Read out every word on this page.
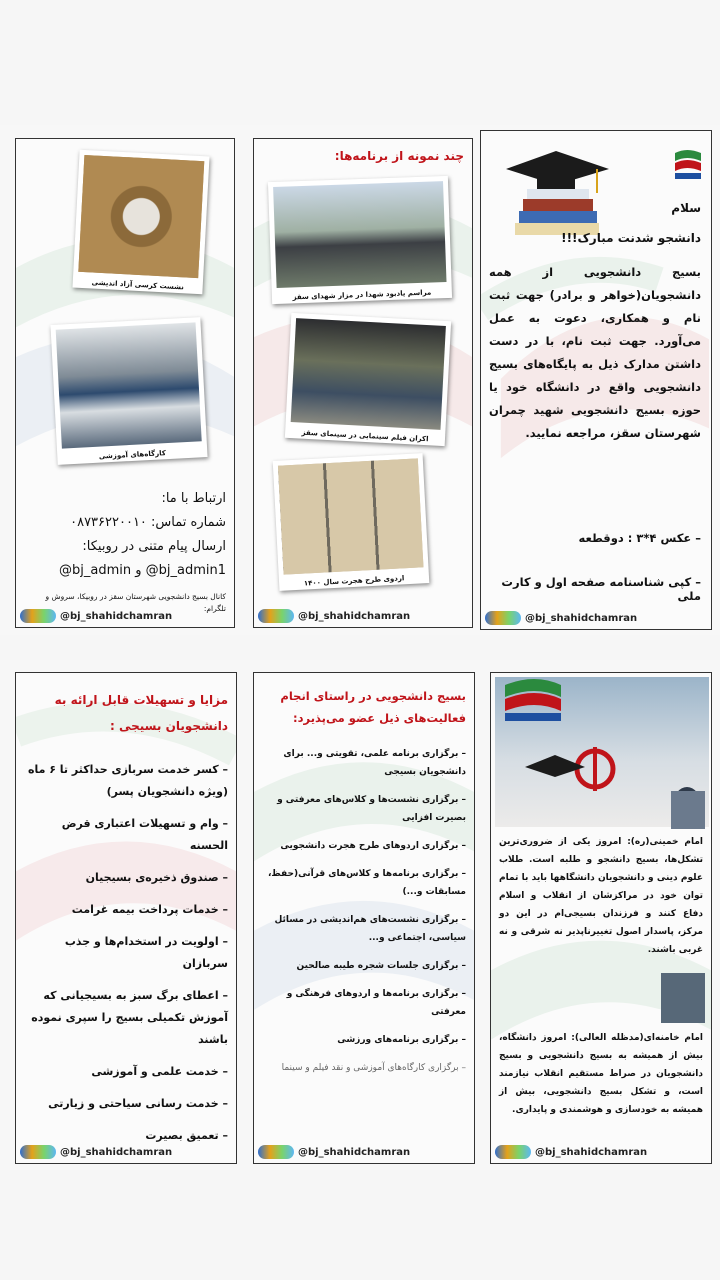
سلام
دانشجو شدنت مبارک!!!
بسیج دانشجویی از همه دانشجویان(خواهر و برادر) جهت ثبت نام و همکاری، دعوت به عمل می‌آورد. جهت ثبت نام، با در دست داشتن مدارک ذیل به پایگاه‌های بسیج دانشجویی واقع در دانشگاه خود یا حوزه بسیج دانشجویی شهید چمران شهرستان سقز، مراجعه نمایید.
– عکس ۴*۳ : دوقطعه
– کپی شناسنامه صفحه اول و کارت ملی
@bj_shahidchamran
چند نمونه از برنامه‌ها:
مراسم یادبود شهدا در مزار شهدای سقز
اکران فیلم سینمایی در سینمای سقز
اردوی طرح هجرت سال ۱۴۰۰
@bj_shahidchamran
نشست کرسی آزاد اندیشی
کارگاه‌های آموزشی
ارتباط با ما:
شماره تماس: ۰۸۷۳۶۲۲۰۰۱۰
ارسال پیام متنی در روبیکا:
@bj_admin و @bj_admin1
کانال بسیج دانشجویی شهرستان سقز در روبیکا، سروش و تلگرام:
@bj_shahidchamran
امام خمینی(ره): امروز یکی از ضروری‌ترین تشکل‌ها، بسیج دانشجو و طلبه است. طلاب علوم دینی و دانشجویان دانشگاهها باید با تمام توان خود در مراکزشان از انقلاب و اسلام دفاع کنند و فرزندان بسیجی‌ام در این دو مرکز، پاسدار اصول تغییرناپذیر نه شرقی و نه غربی باشند.
امام خامنه‌ای(مدظله العالی): امروز دانشگاه، بیش از همیشه به بسیج دانشجویی و بسیج دانشجویان در صراط مستقیم انقلاب نیازمند است، و تشکل بسیج دانشجویی، بیش از همیشه به خودسازی و هوشمندی و پایداری.
@bj_shahidchamran
بسیج دانشجویی در راستای انجام فعالیت‌های ذیل عضو می‌پذیرد:
– برگزاری برنامه علمی، تقویتی و... برای دانشجویان بسیجی
– برگزاری نشست‌ها و کلاس‌های معرفتی و بصیرت افزایی
– برگزاری اردوهای طرح هجرت دانشجویی
– برگزاری برنامه‌ها و کلاس‌های قرآنی(حفظ، مسابقات و...)
– برگزاری نشست‌های هم‌اندیشی در مسائل سیاسی، اجتماعی و...
– برگزاری جلسات شجره طیبه صالحین
– برگزاری برنامه‌ها و اردوهای فرهنگی و معرفتی
– برگزاری برنامه‌های ورزشی
– برگزاری کارگاه‌های آموزشی و نقد فیلم و سینما
@bj_shahidchamran
مزایا و تسهیلات قابل ارائه به دانشجویان بسیجی :
– کسر خدمت سربازی حداکثر تا ۶ ماه (ویژه دانشجویان پسر)
– وام و تسهیلات اعتباری قرض الحسنه
– صندوق ذخیره‌ی بسیجیان
– خدمات پرداخت بیمه غرامت
– اولویت در استخدام‌ها و جذب سربازان
– اعطای برگ سبز به بسیجیانی که آموزش تکمیلی بسیج را سپری نموده باشند
– خدمت علمی و آموزشی
– خدمت رسانی سیاحتی و زیارتی
– تعمیق بصیرت
@bj_shahidchamran
